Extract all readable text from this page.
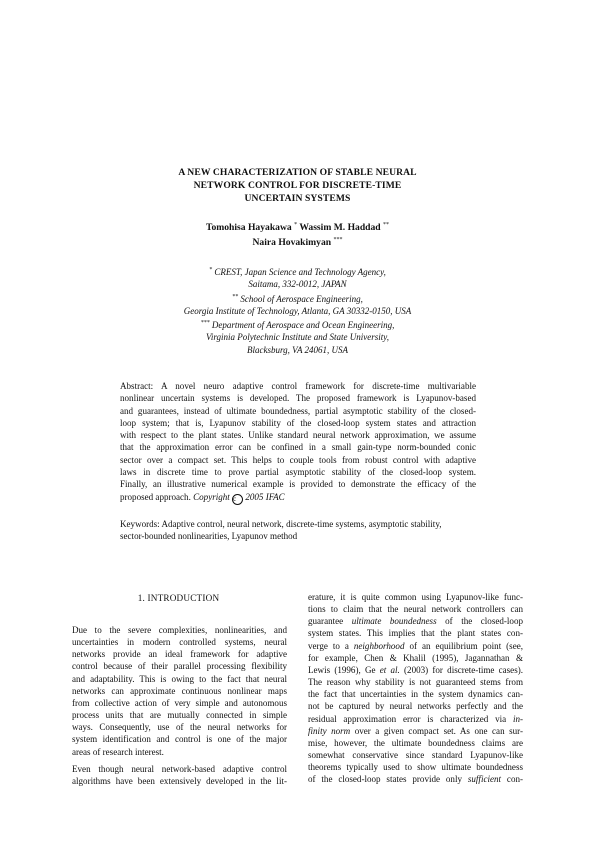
A NEW CHARACTERIZATION OF STABLE NEURAL
NETWORK CONTROL FOR DISCRETE-TIME
UNCERTAIN SYSTEMS
Tomohisa Hayakawa * Wassim M. Haddad **
Naira Hovakimyan ***
* CREST, Japan Science and Technology Agency,
Saitama, 332-0012, JAPAN
** School of Aerospace Engineering,
Georgia Institute of Technology, Atlanta, GA 30332-0150, USA
*** Department of Aerospace and Ocean Engineering,
Virginia Polytechnic Institute and State University,
Blacksburg, VA 24061, USA
Abstract: A novel neuro adaptive control framework for discrete-time multivariable
nonlinear uncertain systems is developed. The proposed framework is Lyapunov-based
and guarantees, instead of ultimate boundedness, partial asymptotic stability of the closed-
loop system; that is, Lyapunov stability of the closed-loop system states and attraction
with respect to the plant states. Unlike standard neural network approximation, we assume
that the approximation error can be confined in a small gain-type norm-bounded conic
sector over a compact set. This helps to couple tools from robust control with adaptive
laws in discrete time to prove partial asymptotic stability of the closed-loop system.
Finally, an illustrative numerical example is provided to demonstrate the efficacy of the
proposed approach. Copyright c 2005 IFAC
Keywords: Adaptive control, neural network, discrete-time systems, asymptotic stability,
sector-bounded nonlinearities, Lyapunov method
1. INTRODUCTION
Due to the severe complexities, nonlinearities, and
uncertainties in modern controlled systems, neural
networks provide an ideal framework for adaptive
control because of their parallel processing flexibility
and adaptability. This is owing to the fact that neural
networks can approximate continuous nonlinear maps
from collective action of very simple and autonomous
process units that are mutually connected in simple
ways. Consequently, use of the neural networks for
system identification and control is one of the major
areas of research interest.
Even though neural network-based adaptive control
algorithms have been extensively developed in the lit-
erature, it is quite common using Lyapunov-like func-
tions to claim that the neural network controllers can
guarantee ultimate boundedness of the closed-loop
system states. This implies that the plant states con-
verge to a neighborhood of an equilibrium point (see,
for example, Chen & Khalil (1995), Jagannathan &
Lewis (1996), Ge et al. (2003) for discrete-time cases).
The reason why stability is not guaranteed stems from
the fact that uncertainties in the system dynamics can-
not be captured by neural networks perfectly and the
residual approximation error is characterized via in-
finity norm over a given compact set. As one can sur-
mise, however, the ultimate boundedness claims are
somewhat conservative since standard Lyapunov-like
theorems typically used to show ultimate boundedness
of the closed-loop states provide only sufficient con-
